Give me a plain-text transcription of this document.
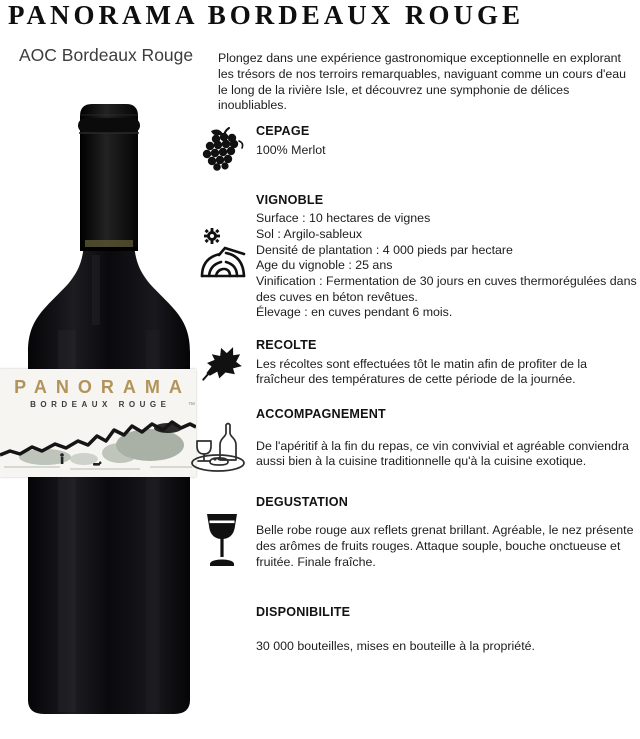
PANORAMA
BORDEAUX ROUGE	™
PANORAMA BORDEAUX ROUGE
AOC Bordeaux Rouge Plongez dans une expérience gastronomique exceptionnelle en explorant les trésors de nos terroirs remarquables, naviguant comme un cours d'eau le long de la rivière Isle, et découvrez une symphonie de délices inoubliables.
CEPAGE
100% Merlot
VIGNOBLE
Surface : 10 hectares de vignes
Sol : Argilo-sableux
Densité de plantation : 4 000 pieds par hectare
Age du vignoble : 25 ans
Vinification : Fermentation de 30 jours en cuves thermorégulées dans des cuves en béton revêtues.
Élevage : en cuves pendant 6 mois.
RECOLTE
Les récoltes sont effectuées tôt le matin afin de profiter de la fraîcheur des températures de cette période de la journée.
ACCOMPAGNEMENT
De l'apéritif à la fin du repas, ce vin convivial et agréable conviendra aussi bien à la cuisine traditionnelle qu'à la cuisine exotique.
DEGUSTATION
Belle robe rouge aux reflets grenat brillant. Agréable, le nez présente des arômes de fruits rouges. Attaque souple, bouche onctueuse et fruitée. Finale fraîche.
DISPONIBILITE
30 000 bouteilles, mises en bouteille à la propriété.
